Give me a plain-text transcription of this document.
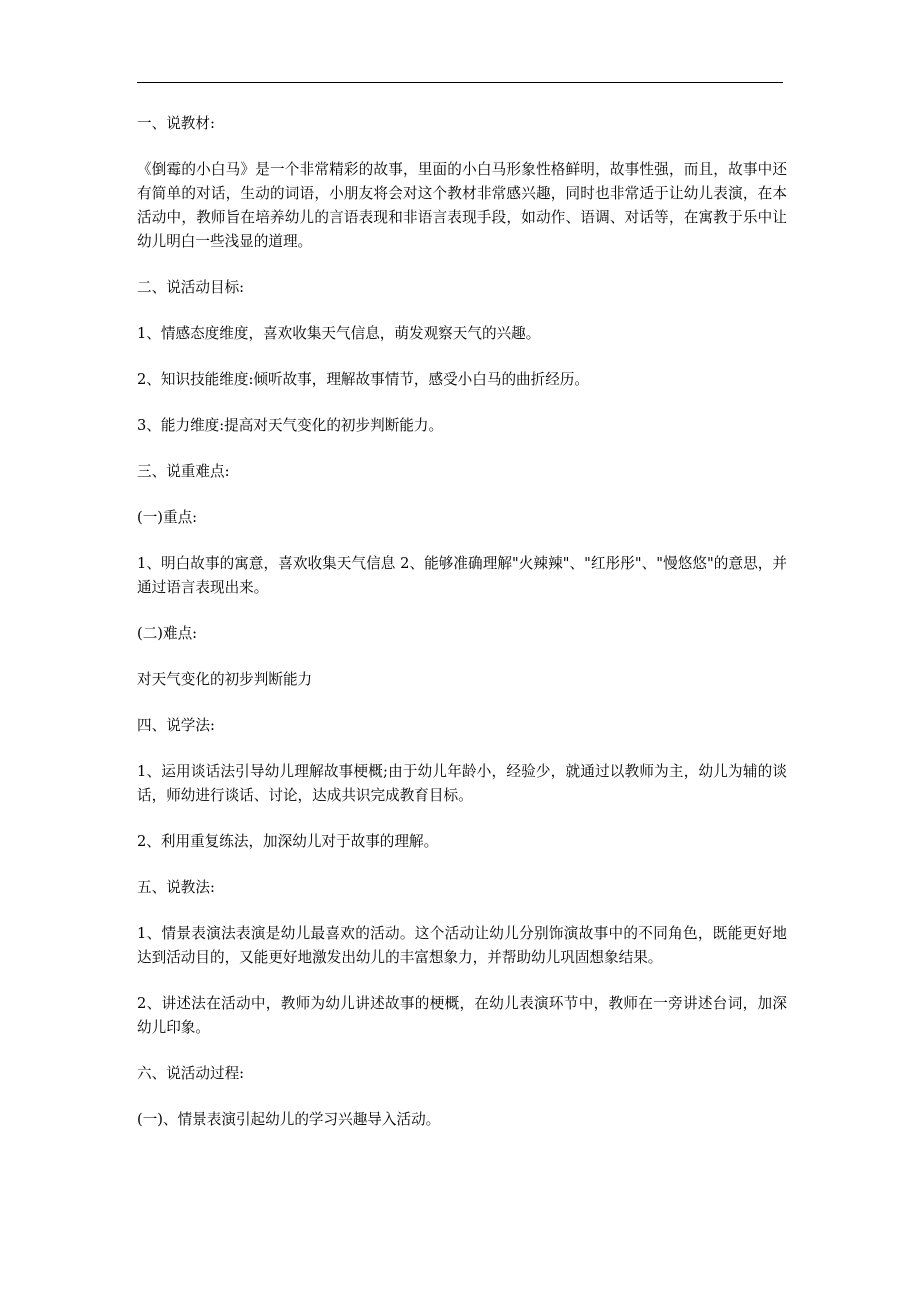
一、说教材:

《倒霉的小白马》是一个非常精彩的故事，里面的小白马形象性格鲜明，故事性强，而且，故事中还有简单的对话，生动的词语，小朋友将会对这个教材非常感兴趣，同时也非常适于让幼儿表演，在本活动中，教师旨在培养幼儿的言语表现和非语言表现手段，如动作、语调、对话等，在寓教于乐中让幼儿明白一些浅显的道理。

二、说活动目标:

1、情感态度维度，喜欢收集天气信息，萌发观察天气的兴趣。

2、知识技能维度:倾听故事，理解故事情节，感受小白马的曲折经历。

3、能力维度:提高对天气变化的初步判断能力。

三、说重难点:

(一)重点:

1、明白故事的寓意，喜欢收集天气信息 2、能够准确理解"火辣辣"、"红彤彤"、"慢悠悠"的意思，并通过语言表现出来。

(二)难点:

对天气变化的初步判断能力

四、说学法:

1、运用谈话法引导幼儿理解故事梗概;由于幼儿年龄小，经验少，就通过以教师为主，幼儿为辅的谈话，师幼进行谈话、讨论，达成共识完成教育目标。

2、利用重复练法，加深幼儿对于故事的理解。

五、说教法:

1、情景表演法表演是幼儿最喜欢的活动。这个活动让幼儿分别饰演故事中的不同角色，既能更好地达到活动目的，又能更好地激发出幼儿的丰富想象力，并帮助幼儿巩固想象结果。

2、讲述法在活动中，教师为幼儿讲述故事的梗概，在幼儿表演环节中，教师在一旁讲述台词，加深幼儿印象。

六、说活动过程:

(一)、情景表演引起幼儿的学习兴趣导入活动。
